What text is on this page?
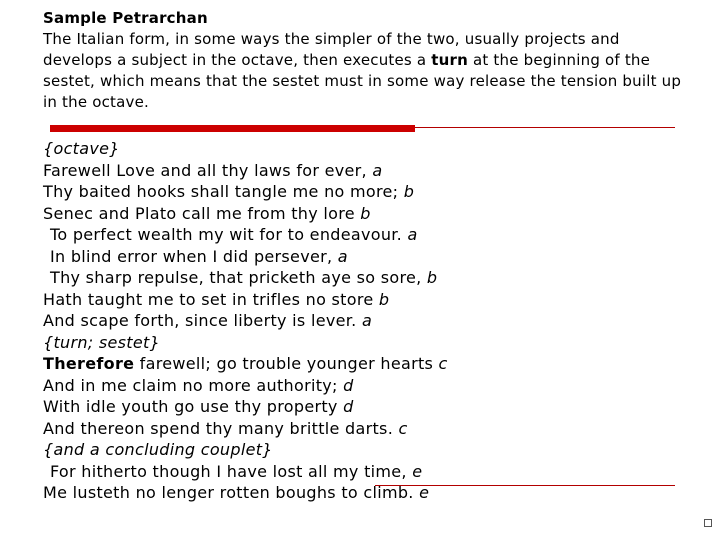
Sample Petrarchan
The Italian form, in some ways the simpler of the two, usually projects and develops a subject in the octave, then executes a turn at the beginning of the sestet, which means that the sestet must in some way release the tension built up in the octave.
{octave}
Farewell Love and all thy laws for ever, a
Thy baited hooks shall tangle me no more; b
Senec and Plato call me from thy lore b
To perfect wealth my wit for to endeavour. a
In blind error when I did persever, a
Thy sharp repulse, that pricketh aye so sore, b
Hath taught me to set in trifles no store b
And scape forth, since liberty is lever. a
{turn; sestet}
Therefore farewell; go trouble younger hearts c
And in me claim no more authority; d
With idle youth go use thy property d
And thereon spend thy many brittle darts. c
{and a concluding couplet}
For hitherto though I have lost all my time, e
Me lusteth no lenger rotten boughs to climb. e
